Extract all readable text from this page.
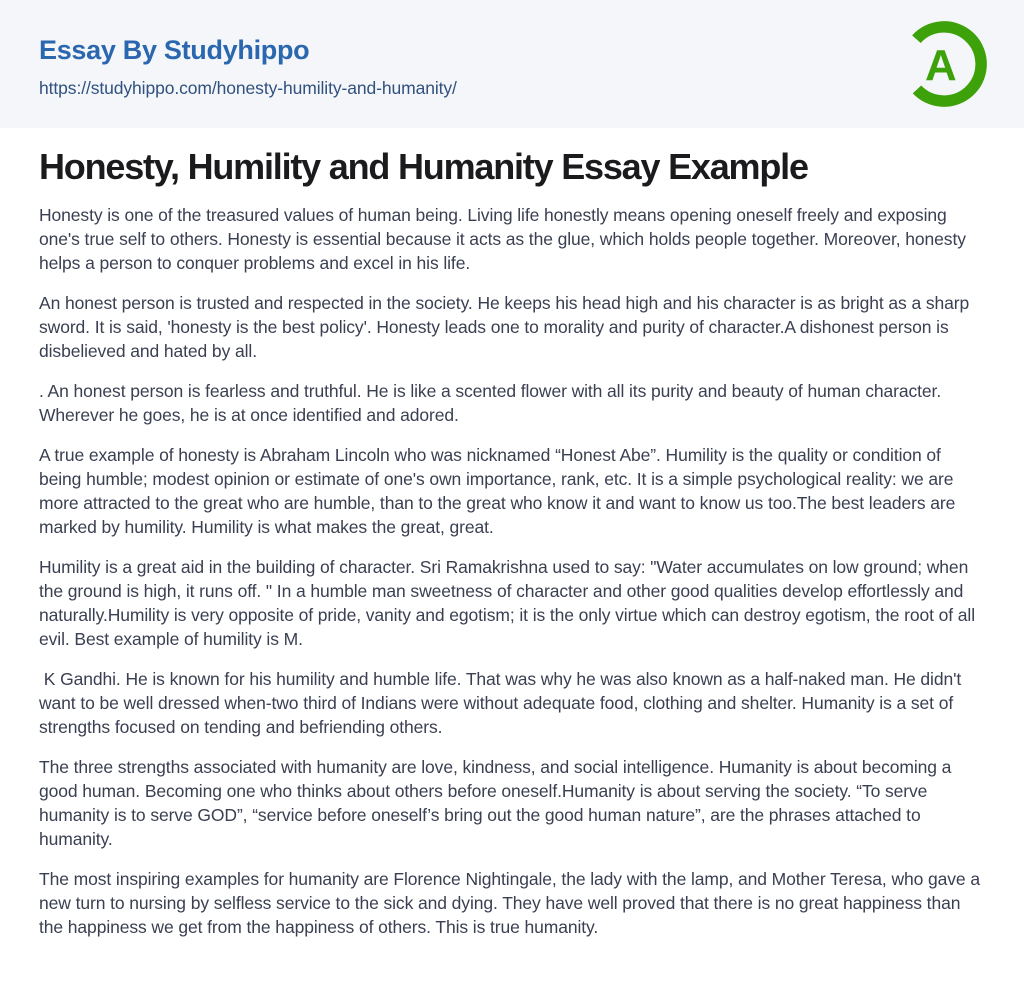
Essay By Studyhippo
https://studyhippo.com/honesty-humility-and-humanity/	A
Honesty, Humility and Humanity Essay Example

Honesty is one of the treasured values of human being. Living life honestly means opening oneself freely and exposing one's true self to others. Honesty is essential because it acts as the glue, which holds people together. Moreover, honesty helps a person to conquer problems and excel in his life.

An honest person is trusted and respected in the society. He keeps his head high and his character is as bright as a sharp sword. It is said, 'honesty is the best policy'. Honesty leads one to morality and purity of character.A dishonest person is disbelieved and hated by all.

. An honest person is fearless and truthful. He is like a scented flower with all its purity and beauty of human character. Wherever he goes, he is at once identified and adored.

A true example of honesty is Abraham Lincoln who was nicknamed “Honest Abe”. Humility is the quality or condition of being humble; modest opinion or estimate of one's own importance, rank, etc. It is a simple psychological reality: we are more attracted to the great who are humble, than to the great who know it and want to know us too.The best leaders are marked by humility. Humility is what makes the great, great.

Humility is a great aid in the building of character. Sri Ramakrishna used to say: "Water accumulates on low ground; when the ground is high, it runs off. " In a humble man sweetness of character and other good qualities develop effortlessly and naturally.Humility is very opposite of pride, vanity and egotism; it is the only virtue which can destroy egotism, the root of all evil. Best example of humility is M.

K Gandhi. He is known for his humility and humble life. That was why he was also known as a half-naked man. He didn't want to be well dressed when-two third of Indians were without adequate food, clothing and shelter. Humanity is a set of strengths focused on tending and befriending others.

The three strengths associated with humanity are love, kindness, and social intelligence. Humanity is about becoming a good human. Becoming one who thinks about others before oneself.Humanity is about serving the society. “To serve humanity is to serve GOD”, “service before oneself’s bring out the good human nature”, are the phrases attached to humanity.

The most inspiring examples for humanity are Florence Nightingale, the lady with the lamp, and Mother Teresa, who gave a new turn to nursing by selfless service to the sick and dying. They have well proved that there is no great happiness than the happiness we get from the happiness of others. This is true humanity.
